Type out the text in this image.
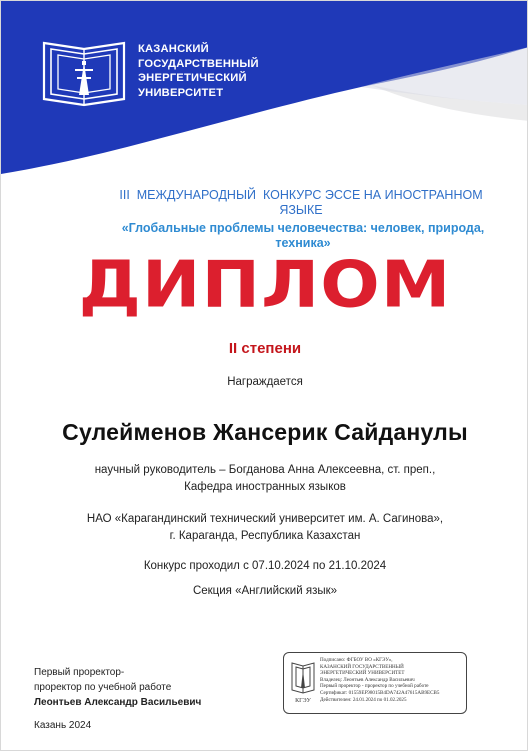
КАЗАНСКИЙ
ГОСУДАРСТВЕННЫЙ
ЭНЕРГЕТИЧЕСКИЙ
УНИВЕРСИТЕТ
III  МЕЖДУНАРОДНЫЙ  КОНКУРС ЭССЕ НА ИНОСТРАННОМ
ЯЗЫКЕ
«Глобальные проблемы человечества: человек, природа,
техника»
ДИПЛОМ
II степени
Награждается
Сулейменов Жансерик Сайданулы
научный руководитель – Богданова Анна Алексеевна, ст. преп.,
Кафедра иностранных языков
НАО «Карагандинский технический университет им. А. Сагинова»,
г. Караганда, Республика Казахстан
Конкурс проходил с 07.10.2024 по 21.10.2024
Секция «Английский язык»
Первый проректор-
проректор по учебной работе
Леонтьев Александр Васильевич
Казань 2024
КГЭУ
Подписано: ФГБОУ ВО «КГЭУ»,
КАЗАНСКИЙ ГОСУДАРСТВЕННЫЙ
ЭНЕРГЕТИЧЕСКИЙ УНИВЕРСИТЕТ
Владелец: Леонтьев Александр Васильевич
Первый проректор - проректор по учебной работе
Сертификат: 01559EF98015B4DA742A47615AB9ECB5
Действителен: 24.01.2024 по 01.02.2025
